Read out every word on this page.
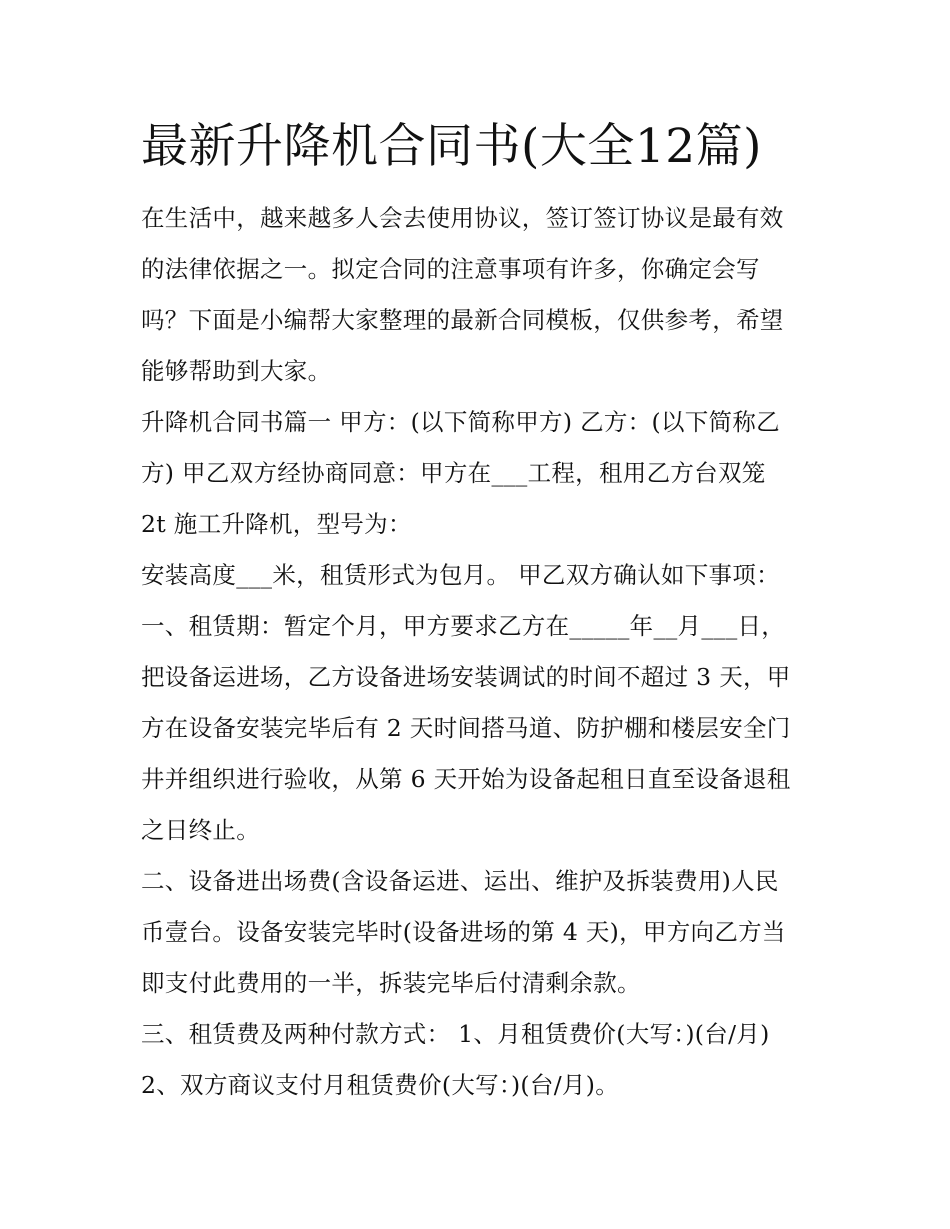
最新升降机合同书(大全12篇)
在生活中，越来越多人会去使用协议，签订签订协议是最有效
的法律依据之一。拟定合同的注意事项有许多，你确定会写
吗？下面是小编帮大家整理的最新合同模板，仅供参考，希望
能够帮助到大家。
升降机合同书篇一 甲方：(以下简称甲方) 乙方：(以下简称乙
方) 甲乙双方经协商同意：甲方在___工程，租用乙方台双笼
2t 施工升降机，型号为：
安装高度___米，租赁形式为包月。 甲乙双方确认如下事项：
一、租赁期：暂定个月，甲方要求乙方在_____年__月___日，
把设备运进场，乙方设备进场安装调试的时间不超过 3 天，甲
方在设备安装完毕后有 2 天时间搭马道、防护棚和楼层安全门
井并组织进行验收，从第 6 天开始为设备起租日直至设备退租
之日终止。
二、设备进出场费(含设备运进、运出、维护及拆装费用)人民
币壹台。设备安装完毕时(设备进场的第 4 天)，甲方向乙方当
即支付此费用的一半，拆装完毕后付清剩余款。
三、租赁费及两种付款方式： 1、月租赁费价(大写：)(台/月)
2、双方商议支付月租赁费价(大写：)(台/月)。
